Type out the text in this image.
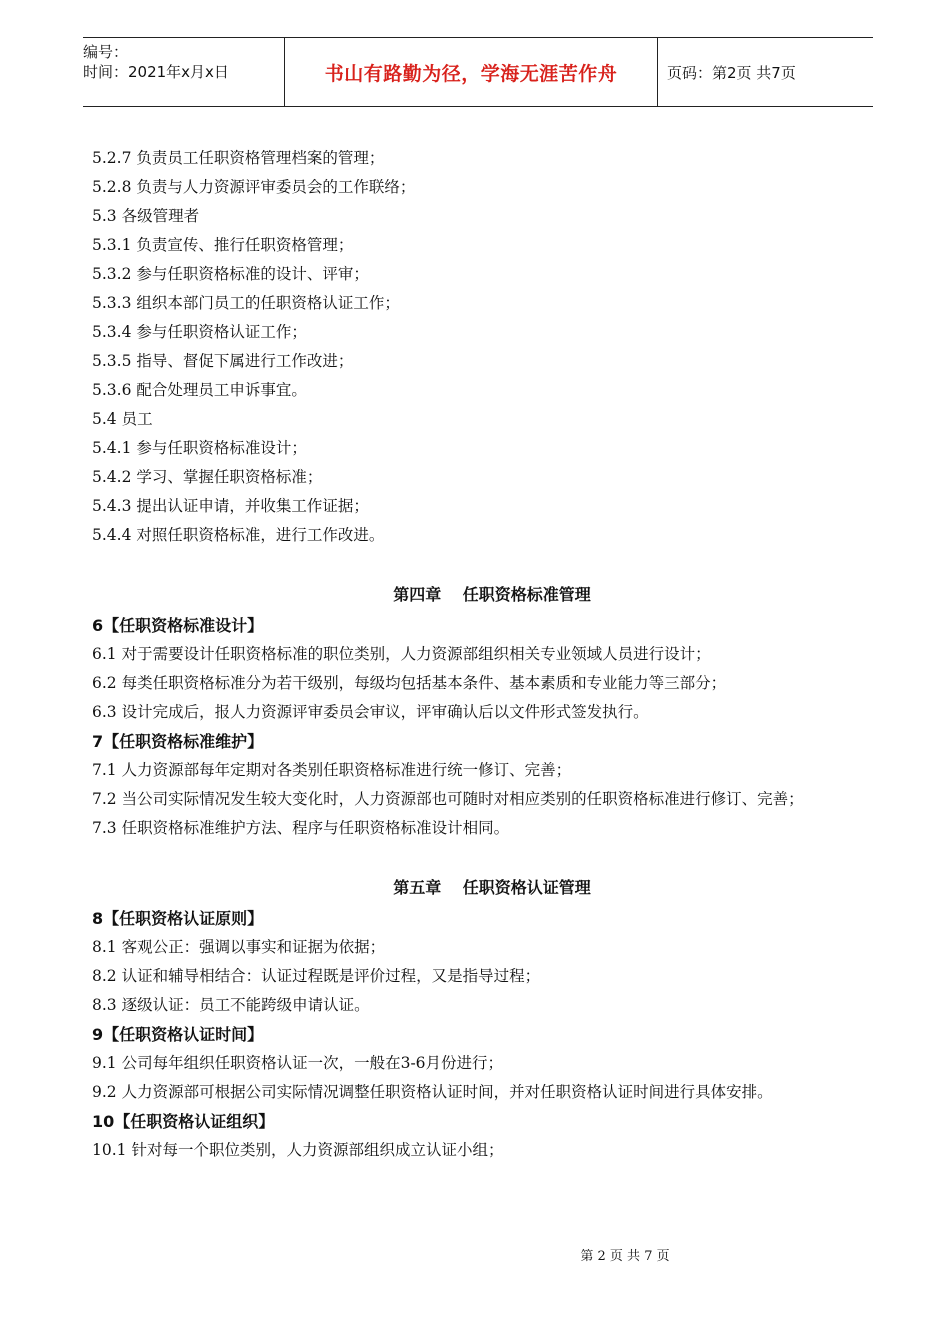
编号：
时间：2021年x月x日	书山有路勤为径，学海无涯苦作舟	页码：第2页 共7页
5.2.7 负责员工任职资格管理档案的管理；
5.2.8 负责与人力资源评审委员会的工作联络；
5.3 各级管理者
5.3.1 负责宣传、推行任职资格管理；
5.3.2 参与任职资格标准的设计、评审；
5.3.3 组织本部门员工的任职资格认证工作；
5.3.4 参与任职资格认证工作；
5.3.5 指导、督促下属进行工作改进；
5.3.6 配合处理员工申诉事宜。
5.4 员工
5.4.1 参与任职资格标准设计；
5.4.2 学习、掌握任职资格标准；
5.4.3 提出认证申请，并收集工作证据；
5.4.4 对照任职资格标准，进行工作改进。
第四章　 任职资格标准管理
6【任职资格标准设计】
6.1 对于需要设计任职资格标准的职位类别，人力资源部组织相关专业领域人员进行设计；
6.2 每类任职资格标准分为若干级别，每级均包括基本条件、基本素质和专业能力等三部分；
6.3 设计完成后，报人力资源评审委员会审议，评审确认后以文件形式签发执行。
7【任职资格标准维护】
7.1 人力资源部每年定期对各类别任职资格标准进行统一修订、完善；
7.2 当公司实际情况发生较大变化时，人力资源部也可随时对相应类别的任职资格标准进行修订、完善；
7.3 任职资格标准维护方法、程序与任职资格标准设计相同。
第五章　 任职资格认证管理
8【任职资格认证原则】
8.1 客观公正：强调以事实和证据为依据；
8.2 认证和辅导相结合：认证过程既是评价过程，又是指导过程；
8.3 逐级认证：员工不能跨级申请认证。
9【任职资格认证时间】
9.1 公司每年组织任职资格认证一次，一般在3-6月份进行；
9.2 人力资源部可根据公司实际情况调整任职资格认证时间，并对任职资格认证时间进行具体安排。
10【任职资格认证组织】
10.1 针对每一个职位类别，人力资源部组织成立认证小组；
第 2 页 共 7 页
